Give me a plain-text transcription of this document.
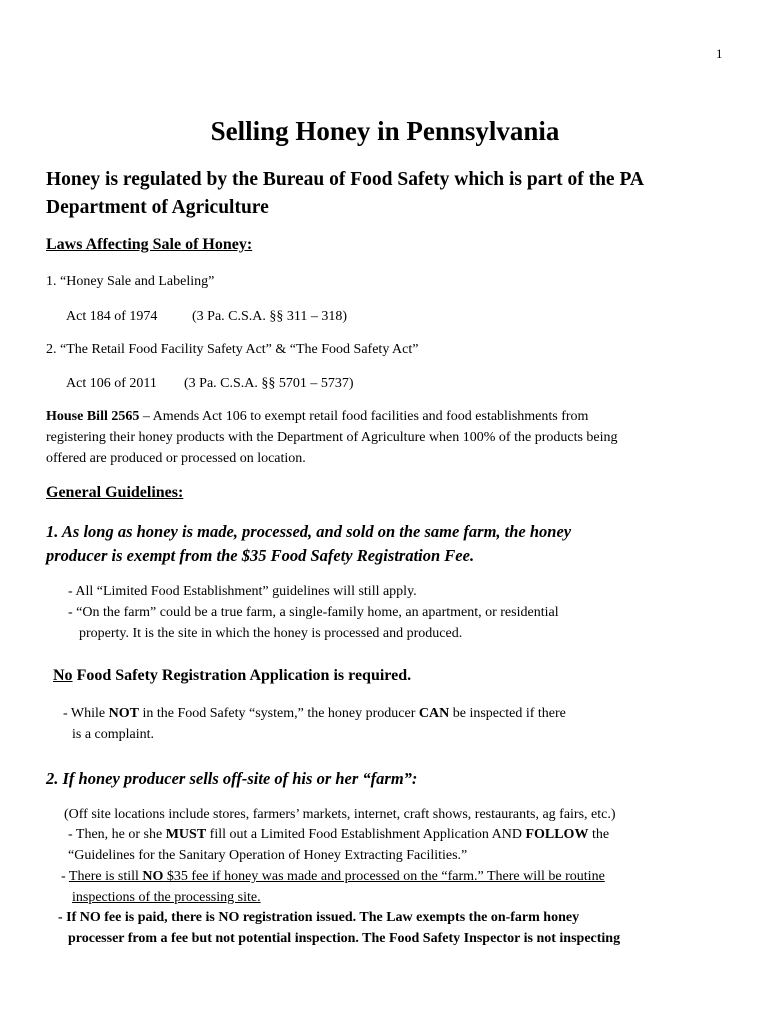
1
Selling Honey in Pennsylvania
Honey is regulated by the Bureau of Food Safety which is part of the PA
Department of Agriculture
Laws Affecting Sale of Honey:
1. “Honey Sale and Labeling”
Act 184 of 1974 (3 Pa. C.S.A. §§ 311 – 318)
2. “The Retail Food Facility Safety Act” & “The Food Safety Act”
Act 106 of 2011 (3 Pa. C.S.A. §§ 5701 – 5737)
House Bill 2565 – Amends Act 106 to exempt retail food facilities and food establishments from
registering their honey products with the Department of Agriculture when 100% of the products being
offered are produced or processed on location.
General Guidelines:
1. As long as honey is made, processed, and sold on the same farm, the honey
producer is exempt from the $35 Food Safety Registration Fee.
- All “Limited Food Establishment” guidelines will still apply.
- “On the farm” could be a true farm, a single-family home, an apartment, or residential
property. It is the site in which the honey is processed and produced.
No Food Safety Registration Application is required.
- While NOT in the Food Safety “system,” the honey producer CAN be inspected if there
is a complaint.
2. If honey producer sells off-site of his or her “farm”:
(Off site locations include stores, farmers’ markets, internet, craft shows, restaurants, ag fairs, etc.)
- Then, he or she MUST fill out a Limited Food Establishment Application AND FOLLOW the
“Guidelines for the Sanitary Operation of Honey Extracting Facilities.”
- There is still NO $35 fee if honey was made and processed on the “farm.” There will be routine
inspections of the processing site.
- If NO fee is paid, there is NO registration issued. The Law exempts the on-farm honey
processer from a fee but not potential inspection. The Food Safety Inspector is not inspecting
